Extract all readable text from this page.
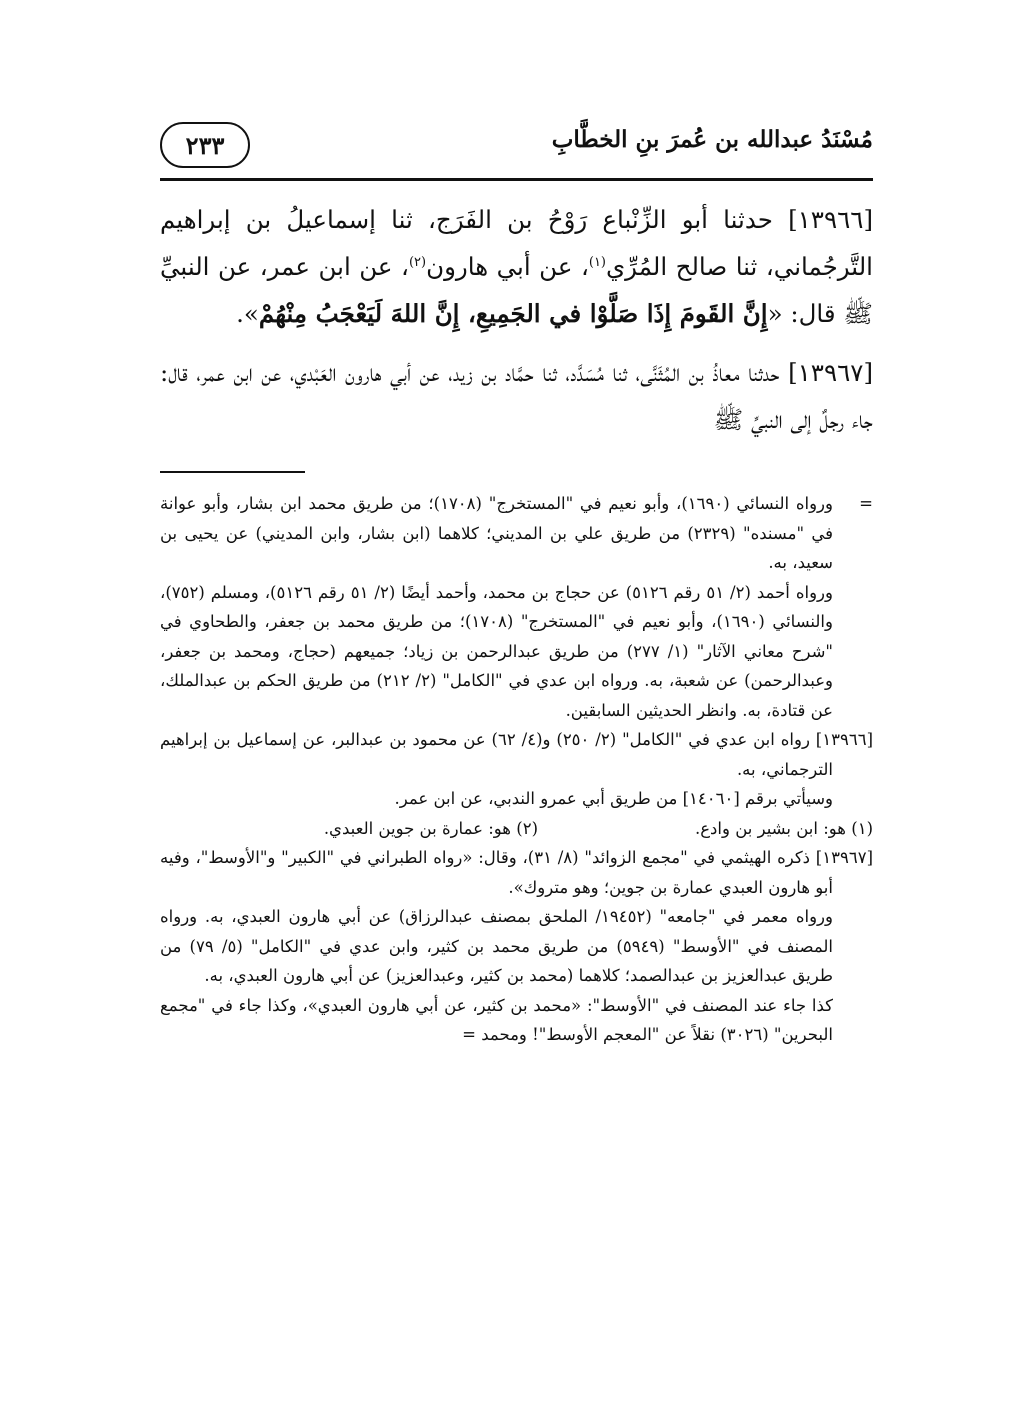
مُسْنَدُ عبدالله بن عُمرَ بنِ الخطَّابِ
٢٣٣

[١٣٩٦٦] حدثنا أبو الزِّنْباع رَوْحُ بن الفَرَج، ثنا إسماعيلُ بن إبراهيم التَّرجُماني، ثنا صالح المُرِّي$^{(١)}$، عن أبي هارون$^{(٢)}$، عن ابن عمر، عن النبيِّ ﷺ قال: «إِنَّ القَومَ إِذَا صَلَّوْا في الجَمِيعِ، إِنَّ اللهَ لَيَعْجَبُ مِنْهُمْ».

[١٣٩٦٧] حدثنا معاذُ بن المُثَنَّى، ثنا مُسَدَّد، ثنا حمَّاد بن زيد، عن أبي هارون العَبْدي، عن ابن عمر، قال: جاء رجلٌ إلى النبيِّ ﷺ

=ورواه النسائي (١٦٩٠)، وأبو نعيم في "المستخرج" (١٧٠٨)؛ من طريق محمد ابن بشار، وأبو عوانة في "مسنده" (٢٣٢٩) من طريق علي بن المديني؛ كلاهما (ابن بشار، وابن المديني) عن يحيى بن سعيد، به.

ورواه أحمد (٢/ ٥١ رقم ٥١٢٦) عن حجاج بن محمد، وأحمد أيضًا (٢/ ٥١ رقم ٥١٢٦)، ومسلم (٧٥٢)، والنسائي (١٦٩٠)، وأبو نعيم في "المستخرج" (١٧٠٨)؛ من طريق محمد بن جعفر، والطحاوي في "شرح معاني الآثار" (١/ ٢٧٧) من طريق عبدالرحمن بن زياد؛ جميعهم (حجاج، ومحمد بن جعفر، وعبدالرحمن) عن شعبة، به. ورواه ابن عدي في "الكامل" (٢/ ٢١٢) من طريق الحكم بن عبدالملك، عن قتادة، به. وانظر الحديثين السابقين.

[١٣٩٦٦] رواه ابن عدي في "الكامل" (٢/ ٢٥٠) و(٤/ ٦٢) عن محمود بن عبدالبر، عن إسماعيل بن إبراهيم الترجماني، به.

وسيأتي برقم [١٤٠٦٠] من طريق أبي عمرو الندبي، عن ابن عمر.

(١) هو: ابن بشير بن وادع.
(٢) هو: عمارة بن جوين العبدي.

[١٣٩٦٧] ذكره الهيثمي في "مجمع الزوائد" (٨/ ٣١)، وقال: «رواه الطبراني في "الكبير" و"الأوسط"، وفيه أبو هارون العبدي عمارة بن جوين؛ وهو متروك».

ورواه معمر في "جامعه" (١٩٤٥٢/ الملحق بمصنف عبدالرزاق) عن أبي هارون العبدي، به. ورواه المصنف في "الأوسط" (٥٩٤٩) من طريق محمد بن كثير، وابن عدي في "الكامل" (٥/ ٧٩) من طريق عبدالعزيز بن عبدالصمد؛ كلاهما (محمد بن كثير، وعبدالعزيز) عن أبي هارون العبدي، به.

كذا جاء عند المصنف في "الأوسط": «محمد بن كثير، عن أبي هارون العبدي»، وكذا جاء في "مجمع البحرين" (٣٠٢٦) نقلاً عن "المعجم الأوسط"! ومحمد =
